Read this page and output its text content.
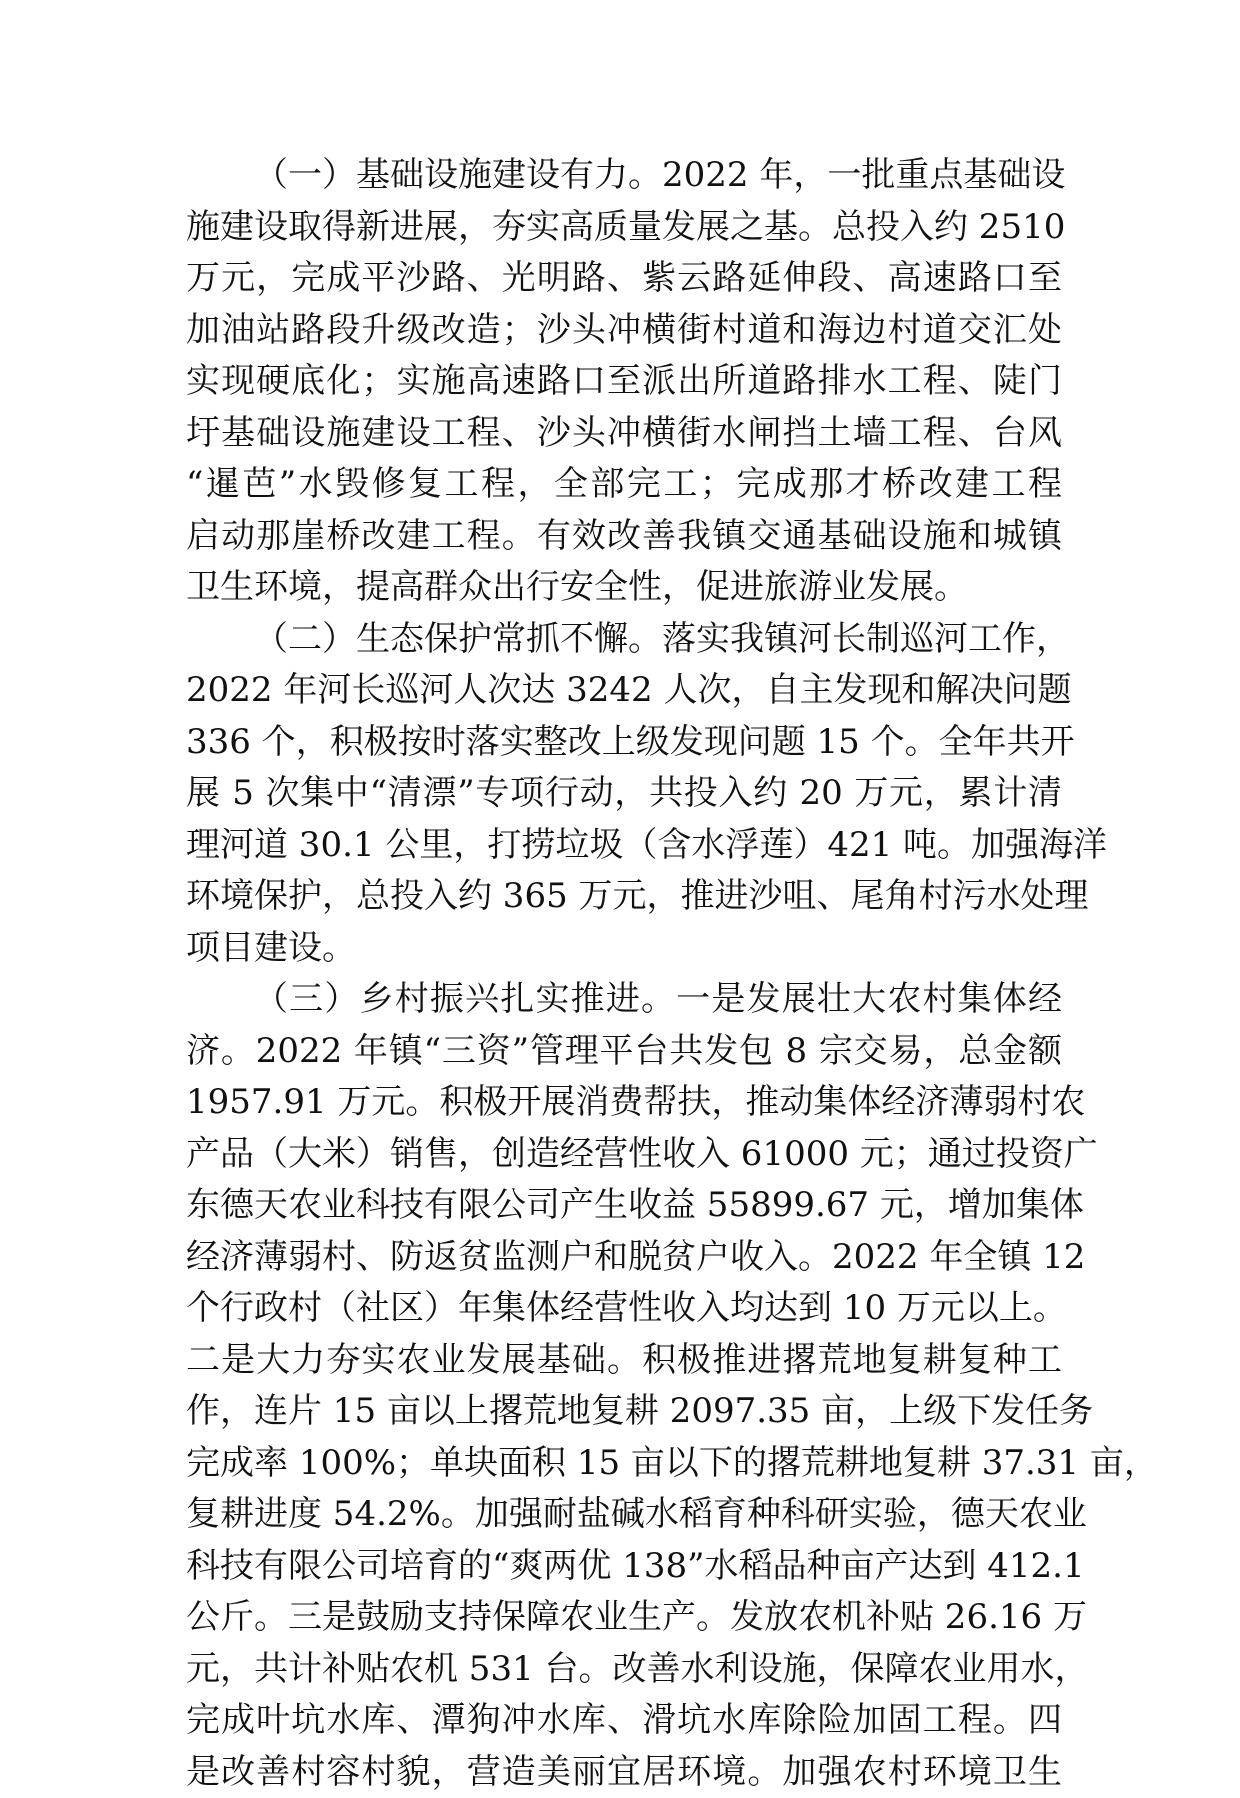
（一）基础设施建设有力。2022 年，一批重点基础设
施建设取得新进展，夯实高质量发展之基。总投入约 2510
万元，完成平沙路、光明路、紫云路延伸段、高速路口至
加油站路段升级改造；沙头冲横街村道和海边村道交汇处
实现硬底化；实施高速路口至派出所道路排水工程、陡门
圩基础设施建设工程、沙头冲横街水闸挡土墙工程、台风
“暹芭”水毁修复工程，全部完工；完成那才桥改建工程
启动那崖桥改建工程。有效改善我镇交通基础设施和城镇
卫生环境，提高群众出行安全性，促进旅游业发展。
（二）生态保护常抓不懈。落实我镇河长制巡河工作，
2022 年河长巡河人次达 3242 人次，自主发现和解决问题
336 个，积极按时落实整改上级发现问题 15 个。全年共开
展 5 次集中“清漂”专项行动，共投入约 20 万元，累计清
理河道 30.1 公里，打捞垃圾（含水浮莲）421 吨。加强海洋
环境保护，总投入约 365 万元，推进沙咀、尾角村污水处理
项目建设。
（三）乡村振兴扎实推进。一是发展壮大农村集体经
济。2022 年镇“三资”管理平台共发包 8 宗交易，总金额
1957.91 万元。积极开展消费帮扶，推动集体经济薄弱村农
产品（大米）销售，创造经营性收入 61000 元；通过投资广
东德天农业科技有限公司产生收益 55899.67 元，增加集体
经济薄弱村、防返贫监测户和脱贫户收入。2022 年全镇 12
个行政村（社区）年集体经营性收入均达到 10 万元以上。
二是大力夯实农业发展基础。积极推进撂荒地复耕复种工
作，连片 15 亩以上撂荒地复耕 2097.35 亩，上级下发任务
完成率 100%；单块面积 15 亩以下的撂荒耕地复耕 37.31 亩，
复耕进度 54.2%。加强耐盐碱水稻育种科研实验，德天农业
科技有限公司培育的“爽两优 138”水稻品种亩产达到 412.1
公斤。三是鼓励支持保障农业生产。发放农机补贴 26.16 万
元，共计补贴农机 531 台。改善水利设施，保障农业用水，
完成叶坑水库、潭狗冲水库、滑坑水库除险加固工程。四
是改善村容村貌，营造美丽宜居环境。加强农村环境卫生
